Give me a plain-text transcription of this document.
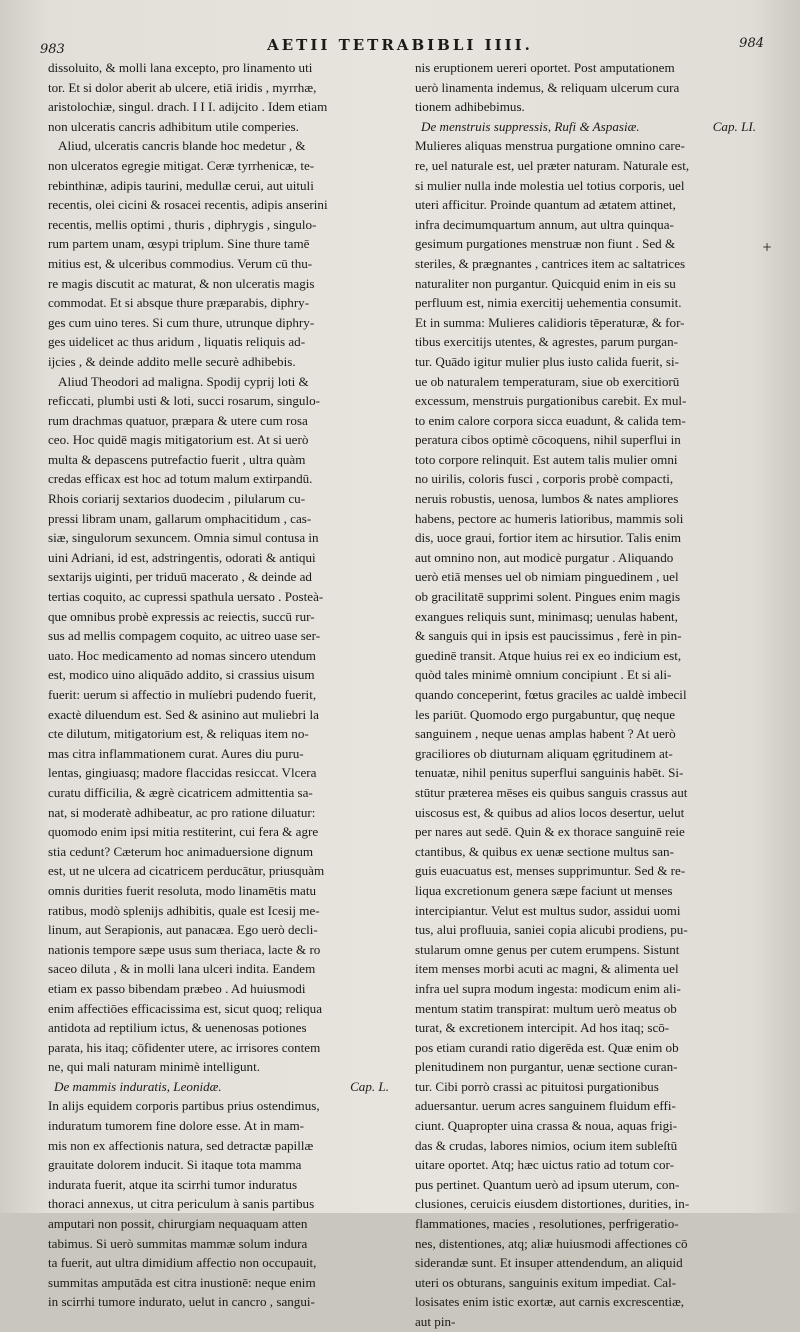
983	AETII TETRABIBLI IIII.	984
dissoluito, & molli lana excepto, pro linamento uti
tor. Et si dolor aberit ab ulcere, etiā iridis , myrrhæ,
aristolochiæ, singul. drach. I I I. adijcito . Idem etiam
non ulceratis cancris adhibitum utile comperies.
Aliud, ulceratis cancris blande hoc medetur , &
non ulceratos egregie mitigat. Ceræ tyrrhenicæ, te-
rebinthinæ, adipis taurini, medullæ cerui, aut uituli
recentis, olei cicini & rosacei recentis, adipis anserini
recentis, mellis optimi , thuris , diphrygis , singulo-
rum partem unam, œsypi triplum. Sine thure tamē
mitius est, & ulceribus commodius. Verum cū thu-
re magis discutit ac maturat, & non ulceratis magis
commodat. Et si absque thure præparabis, diphry-
ges cum uino teres. Si cum thure, utrunque diphry-
ges uidelicet ac thus aridum , liquatis reliquis ad-
ijcies , & deinde addito melle securè adhibebis.
Aliud Theodori ad maligna. Spodij cyprij loti &
reficcati, plumbi usti & loti, succi rosarum, singulo-
rum drachmas quatuor, præpara & utere cum rosa
ceo. Hoc quidē magis mitigatorium est. At si uerò
multa & depascens putrefactio fuerit , ultra quàm
credas efficax est hoc ad totum malum extirpandū.
Rhois coriarij sextarios duodecim , pilularum cu-
pressi libram unam, gallarum omphacitidum , cas-
siæ, singulorum sexuncem. Omnia simul contusa in
uini Adriani, id est, adstringentis, odorati & antiqui
sextarijs uiginti, per triduū macerato , & deinde ad
tertias coquito, ac cupressi spathula uersato . Posteà-
que omnibus probè expressis ac reiectis, succū rur-
sus ad mellis compagem coquito, ac uitreo uase ser-
uato. Hoc medicamento ad nomas sincero utendum
est, modico uino aliquādo addito, si crassius uisum
fuerit: uerum si affectio in mulíebri pudendo fuerit,
exactè diluendum est. Sed & asinino aut muliebri la
cte dilutum, mitigatorium est, & reliquas item no-
mas citra inflammationem curat. Aures diu puru-
lentas, gingiuasq; madore flaccidas resiccat. Vlcera
curatu difficilia, & ægrè cicatricem admittentia sa-
nat, si moderatè adhibeatur, ac pro ratione diluatur:
quomodo enim ipsi mitia restiterint, cui fera & agre
stia cedunt? Cæterum hoc animaduersione dignum
est, ut ne ulcera ad cicatricem perducātur, priusquàm
omnis durities fuerit resoluta, modo linamētis matu
ratibus, modò splenijs adhibitis, quale est Icesij me-
linum, aut Serapionis, aut panacæa. Ego uerò decli-
nationis tempore sæpe usus sum theriaca, lacte & ro
saceo diluta , & in molli lana ulceri indita. Eandem
etiam ex passo bibendam præbeo . Ad huiusmodi
enim affectiōes efficacissima est, sicut quoq; reliqua
antidota ad reptilium ictus, & uenenosas potiones
parata, his itaq; cōfidenter utere, ac irrisores contem
ne, qui mali naturam minimè intelligunt.
De mammis induratis, Leonidæ.	Cap. L.
In alijs equidem corporis partibus prius ostendimus,
induratum tumorem fine dolore esse. At in mam-
mis non ex affectionis natura, sed detractæ papillæ
grauitate dolorem inducit. Si itaque tota mamma
indurata fuerit, atque ita scirrhi tumor induratus
thoraci annexus, ut citra periculum à sanis partibus
amputari non possit, chirurgiam nequaquam atten
tabimus. Si uerò summitas mammæ solum indura
ta fuerit, aut ultra dimidium affectio non occupauit,
summitas amputāda est citra inustionē: neque enim
in scirrhi tumore indurato, uelut in cancro , sangui-
nis eruptionem uereri oportet. Post amputationem
uerò linamenta indemus, & reliquam ulcerum cura
tionem adhibebimus.
De menstruis suppressis, Rufi & Aspasiæ.	Cap. LI.
Mulieres aliquas menstrua purgatione omnino care-
re, uel naturale est, uel præter naturam. Naturale est,
si mulier nulla inde molestia uel totius corporis, uel
uteri afficitur. Proinde quantum ad ætatem attinet,
infra decimumquartum annum, aut ultra quinqua-
gesimum purgationes menstruæ non fiunt . Sed &
steriles, & prægnantes , cantrices item ac saltatrices
naturaliter non purgantur. Quicquid enim in eis su
perfluum est, nimia exercitij uehementia consumit.
Et in summa: Mulieres calidioris tēperaturæ, & for-
tibus exercitijs utentes, & agrestes, parum purgan-
tur. Quādo igitur mulier plus iusto calida fuerit, si-
ue ob naturalem temperaturam, siue ob exercitiorū
excessum, menstruis purgationibus carebit. Ex mul-
to enim calore corpora sicca euadunt, & calida tem-
peratura cibos optimè cōcoquens, nihil superflui in
toto corpore relinquit. Est autem talis mulier omni
no uirilis, coloris fusci , corporis probè compacti,
neruis robustis, uenosa, lumbos & nates ampliores
habens, pectore ac humeris latioribus, mammis soli
dis, uoce graui, fortior item ac hirsutior. Talis enim
aut omnino non, aut modicè purgatur . Aliquando
uerò etiā menses uel ob nimiam pinguedinem , uel
ob gracilitatē supprimi solent. Pingues enim magis
exangues reliquis sunt, minimasq; uenulas habent,
& sanguis qui in ipsis est paucissimus , ferè in pin-
guedinē transit. Atque huius rei ex eo indicium est,
quòd tales minimè omnium concipiunt . Et si ali-
quando conceperint, fœtus graciles ac ualdè imbecil
les pariūt. Quomodo ergo purgabuntur, quę neque
sanguinem , neque uenas amplas habent ? At uerò
graciliores ob diuturnam aliquam ęgritudinem at-
tenuatæ, nihil penitus superflui sanguinis habēt. Si-
stūtur præterea mēses eis quibus sanguis crassus aut
uiscosus est, & quibus ad alios locos desertur, uelut
per nares aut sedē. Quin & ex thorace sanguinē reie
ctantibus, & quibus ex uenæ sectione multus san-
guis euacuatus est, menses supprimuntur. Sed & re-
liqua excretionum genera sæpe faciunt ut menses
intercipiantur. Velut est multus sudor, assidui uomi
tus, alui profluuia, saniei copia alicubi prodiens, pu-
stularum omne genus per cutem erumpens. Sistunt
item menses morbi acuti ac magni, & alimenta uel
infra uel supra modum ingesta: modicum enim ali-
mentum statim transpirat: multum uerò meatus ob
turat, & excretionem intercipit. Ad hos itaq; scō-
pos etiam curandi ratio digerēda est. Quæ enim ob
plenitudinem non purgantur, uenæ sectione curan-
tur. Cibi porrò crassi ac pituitosi purgationibus
aduersantur. uerum acres sanguinem fluidum effi-
ciunt. Quapropter uina crassa & noua, aquas frigi-
das & crudas, labores nimios, ocium item subleſtū
uitare oportet. Atq; hæc uictus ratio ad totum cor-
pus pertinet. Quantum uerò ad ipsum uterum, con-
clusiones, ceruicis eiusdem distortiones, durities, in-
flammationes, macies , resolutiones, perfrigeratio-
nes, distentiones, atq; aliæ huiusmodi affectiones cō
siderandæ sunt. Et insuper attendendum, an aliquid
uteri os obturans, sanguinis exitum impediat. Cal-
losisates enim istic exortæ, aut carnis excrescentiæ,
aut pin-
+
